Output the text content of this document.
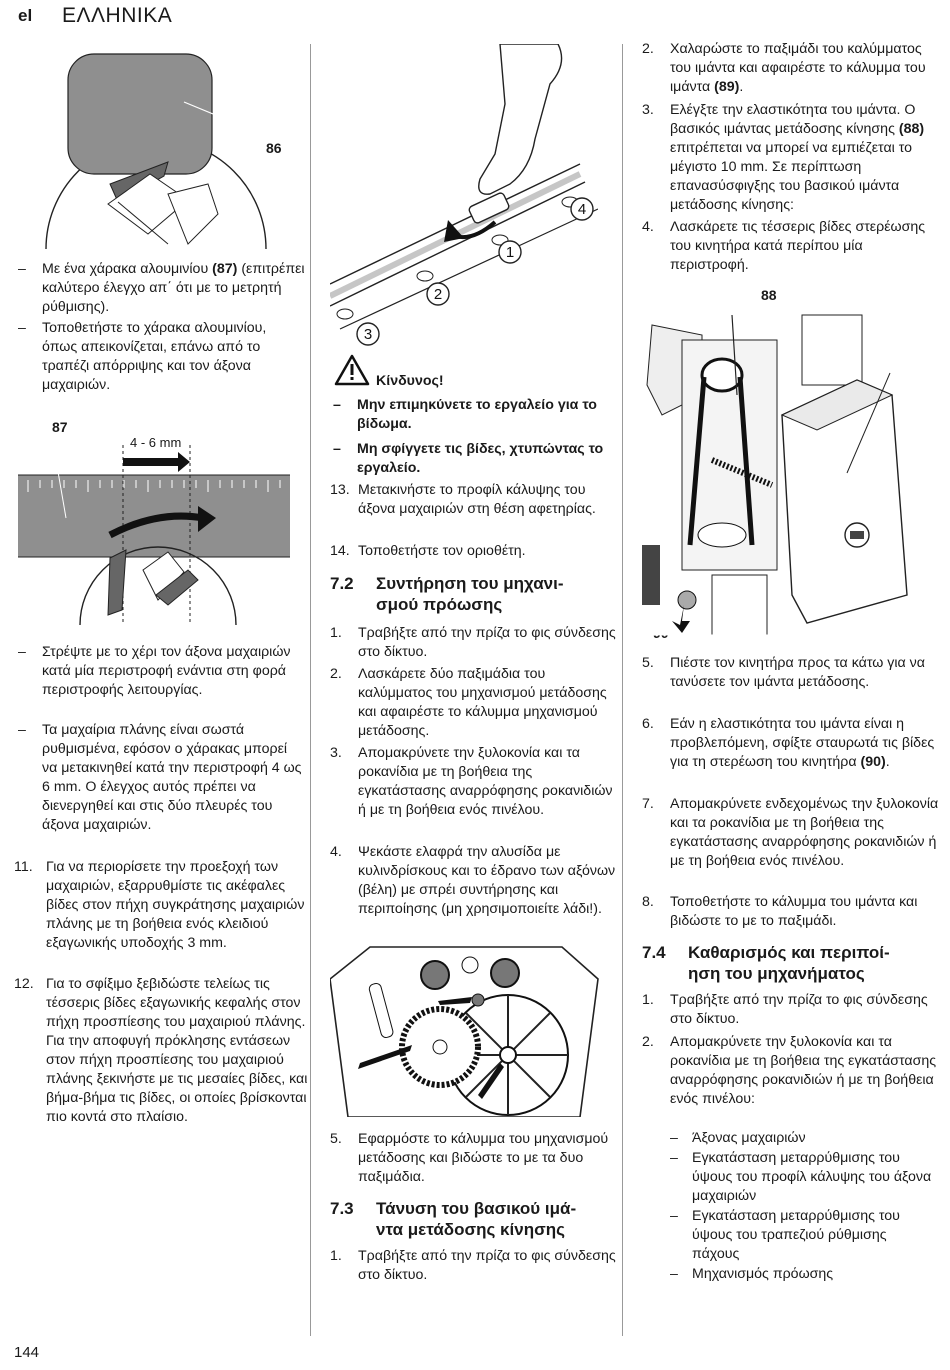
el ΕΛΛΗΝΙΚΑ
86
– Με ένα χάρακα αλουμινίου (87) (επιτρέπει καλύτερο έλεγχο απ΄ ότι με το μετρητή ρύθμισης).
– Τοποθετήστε το χάρακα αλουμινίου, όπως απεικονίζεται, επάνω από το τραπέζι απόρριψης και τον άξονα μαχαιριών.
87
4 - 6 mm
– Στρέψτε με το χέρι τον άξονα μαχαιριών κατά μία περιστροφή ενάντια στη φορά περιστροφής λειτουργίας.
– Τα μαχαίρια πλάνης είναι σωστά ρυθμισμένα, εφόσον ο χάρακας μπορεί να μετακινηθεί κατά την περιστροφή 4 ως 6 mm. Ο έλεγχος αυτός πρέπει να διενεργηθεί και στις δύο πλευρές του άξονα μαχαιριών.
11. Για να περιορίσετε την προεξοχή των μαχαιριών, εξαρρυθμίστε τις ακέφαλες βίδες στον πήχη συγκράτησης μαχαιριών πλάνης με τη βοήθεια ενός κλειδιού εξαγωνικής υποδοχής 3 mm.
12. Για το σφίξιμο ξεβιδώστε τελείως τις τέσσερις βίδες εξαγωνικής κεφαλής στον πήχη προσπίεσης του μαχαιριού πλάνης. Για την αποφυγή πρόκλησης εντάσεων στον πήχη προσπίεσης του μαχαιριού πλάνης ξεκινήστε με τις μεσαίες βίδες, και βήμα-βήμα τις βίδες, οι οποίες βρίσκονται πιο κοντά στο πλαίσιο.
1
2
3
4
Κίνδυνος!
– Μην επιμηκύνετε το εργαλείο για το βίδωμα.
– Μη σφίγγετε τις βίδες, χτυπώντας το εργαλείο.
13. Μετακινήστε το προφίλ κάλυψης του άξονα μαχαιριών στη θέση αφετηρίας.
14. Τοποθετήστε τον οριοθέτη.
7.2 Συντήρηση του μηχανι-
σμού πρόωσης
1. Τραβήξτε από την πρίζα το φις σύνδεσης στο δίκτυο.
2. Λασκάρετε δύο παξιμάδια του καλύμματος του μηχανισμού μετάδοσης και αφαιρέστε το κάλυμμα μηχανισμού μετάδοσης.
3. Απομακρύνετε την ξυλοκονία και τα ροκανίδια με τη βοήθεια της εγκατάστασης αναρρόφησης ροκανιδιών ή με τη βοήθεια ενός πινέλου.
4. Ψεκάστε ελαφρά την αλυσίδα με κυλινδρίσκους και το έδρανο των αξόνων (βέλη) με σπρέι συντήρησης και περιποίησης (μη χρησιμοποιείτε λάδι!).
5. Εφαρμόστε το κάλυμμα του μηχανισμού μετάδοσης και βιδώστε το με τα δυο παξιμάδια.
7.3 Τάνυση του βασικού ιμά-
ντα μετάδοσης κίνησης
1. Τραβήξτε από την πρίζα το φις σύνδεσης στο δίκτυο.
2. Χαλαρώστε το παξιμάδι του καλύμματος του ιμάντα και αφαιρέστε το κάλυμμα του ιμάντα (89).
3. Ελέγξτε την ελαστικότητα του ιμάντα. Ο βασικός ιμάντας μετάδοσης κίνησης (88) επιτρέπεται να μπορεί να εμπιέζεται το μέγιστο 10 mm. Σε περίπτωση επανασύσφιγξης του βασικού ιμάντα μετάδοσης κίνησης:
4. Λασκάρετε τις τέσσερις βίδες στερέωσης του κινητήρα κατά περίπου μία περιστροφή.
88
5. Πιέστε τον κινητήρα προς τα κάτω για να τανύσετε τον ιμάντα μετάδοσης.
6. Εάν η ελαστικότητα του ιμάντα είναι η προβλεπόμενη, σφίξτε σταυρωτά τις βίδες για τη στερέωση του κινητήρα (90).
7. Απομακρύνετε ενδεχομένως την ξυλοκονία και τα ροκανίδια με τη βοήθεια της εγκατάστασης αναρρόφησης ροκανιδιών ή με τη βοήθεια ενός πινέλου.
8. Τοποθετήστε το κάλυμμα του ιμάντα και βιδώστε το με το παξιμάδι.
7.4 Καθαρισμός και περιποί-
ηση του μηχανήματος
1. Τραβήξτε από την πρίζα το φις σύνδεσης στο δίκτυο.
2. Απομακρύνετε την ξυλοκονία και τα ροκανίδια με τη βοήθεια της εγκατάστασης αναρρόφησης ροκανιδιών ή με τη βοήθεια ενός πινέλου:
– Άξονας μαχαιριών
– Εγκατάσταση μεταρρύθμισης του ύψους του προφίλ κάλυψης του άξονα μαχαιριών
– Εγκατάσταση μεταρρύθμισης του ύψους του τραπεζιού ρύθμισης πάχους
– Μηχανισμός πρόωσης
144
